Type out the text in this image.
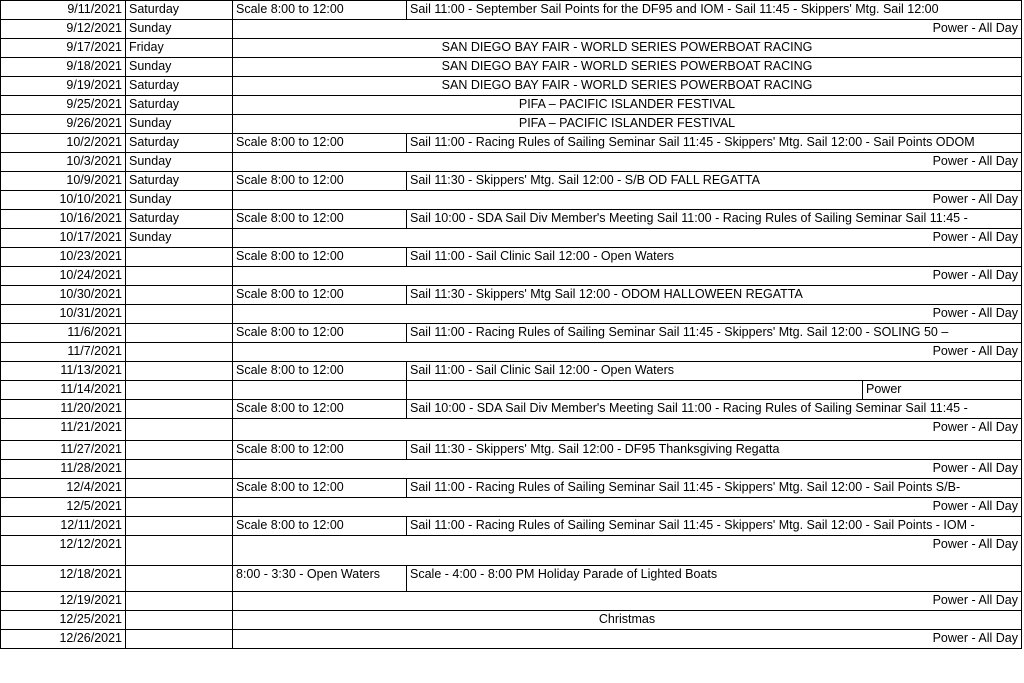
9/11/2021	Saturday	Scale 8:00 to 12:00	Sail 11:00 - September Sail Points for the DF95 and IOM - Sail 11:45 - Skippers' Mtg. Sail 12:00	
9/12/2021	Sunday	Power - All Day		
9/17/2021	Friday	SAN DIEGO BAY FAIR - WORLD SERIES POWERBOAT RACING		
9/18/2021	Sunday	SAN DIEGO BAY FAIR - WORLD SERIES POWERBOAT RACING		
9/19/2021	Saturday	SAN DIEGO BAY FAIR - WORLD SERIES POWERBOAT RACING		
9/25/2021	Saturday	PIFA – PACIFIC ISLANDER FESTIVAL		
9/26/2021	Sunday	PIFA – PACIFIC ISLANDER FESTIVAL		
10/2/2021	Saturday	Scale 8:00 to 12:00	Sail 11:00 - Racing Rules of Sailing Seminar Sail 11:45 - Skippers' Mtg. Sail 12:00 - Sail Points ODOM	
10/3/2021	Sunday	Power - All Day		
10/9/2021	Saturday	Scale 8:00 to 12:00	Sail 11:30 - Skippers' Mtg. Sail 12:00 - S/B OD FALL REGATTA	
10/10/2021	Sunday	Power - All Day		
10/16/2021	Saturday	Scale 8:00 to 12:00	Sail 10:00 - SDA Sail Div Member's Meeting Sail 11:00 - Racing Rules of Sailing Seminar Sail 11:45 -	
10/17/2021	Sunday	Power - All Day		
10/23/2021		Scale 8:00 to 12:00	Sail 11:00 - Sail Clinic Sail 12:00 - Open Waters	
10/24/2021		Power - All Day		
10/30/2021		Scale 8:00 to 12:00	Sail 11:30 - Skippers' Mtg Sail 12:00 - ODOM HALLOWEEN REGATTA	
10/31/2021		Power - All Day		
11/6/2021		Scale 8:00 to 12:00	Sail 11:00 - Racing Rules of Sailing Seminar Sail 11:45 - Skippers' Mtg. Sail 12:00 - SOLING 50 –	
11/7/2021		Power - All Day		
11/13/2021		Scale 8:00 to 12:00	Sail 11:00 - Sail Clinic Sail 12:00 - Open Waters	
11/14/2021				Power
11/20/2021		Scale 8:00 to 12:00	Sail 10:00 - SDA Sail Div Member's Meeting Sail 11:00 - Racing Rules of Sailing Seminar Sail 11:45 -	
11/21/2021		Power - All Day		
11/27/2021		Scale 8:00 to 12:00	Sail 11:30 - Skippers' Mtg. Sail 12:00 - DF95 Thanksgiving Regatta	
11/28/2021		Power - All Day		
12/4/2021		Scale 8:00 to 12:00	Sail 11:00 - Racing Rules of Sailing Seminar Sail 11:45 - Skippers' Mtg. Sail 12:00 - Sail Points S/B-	
12/5/2021		Power - All Day		
12/11/2021		Scale 8:00 to 12:00	Sail 11:00 - Racing Rules of Sailing Seminar Sail 11:45 - Skippers' Mtg. Sail 12:00 - Sail Points - IOM -	
12/12/2021		Power - All Day		
12/18/2021		8:00 - 3:30 - Open Waters	Scale - 4:00 - 8:00 PM Holiday Parade of Lighted Boats	
12/19/2021		Power - All Day		
12/25/2021		Christmas		
12/26/2021		Power - All Day		
